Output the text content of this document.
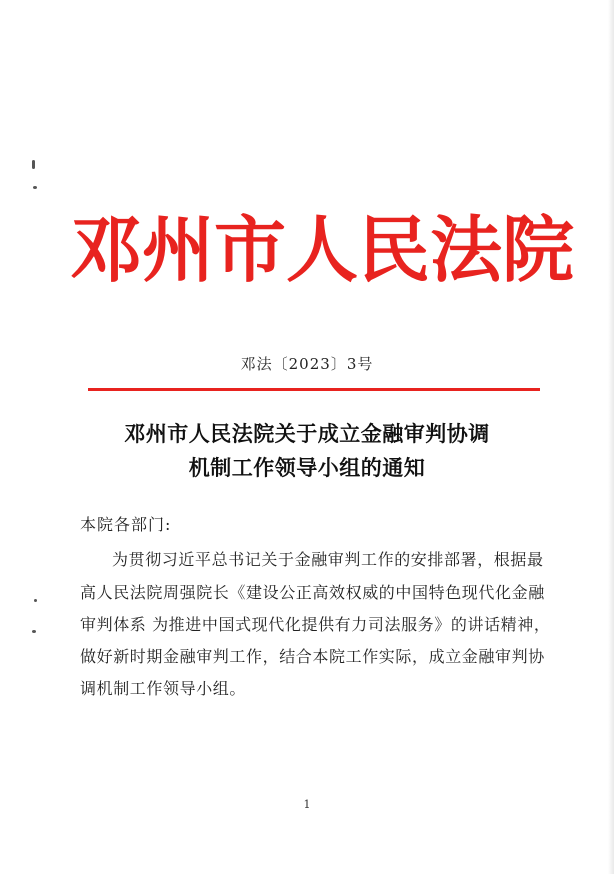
邓州市人民法院
邓法〔2023〕3号
邓州市人民法院关于成立金融审判协调
机制工作领导小组的通知
本院各部门:
为贯彻习近平总书记关于金融审判工作的安排部署，根据最
高人民法院周强院长《建设公正高效权威的中国特色现代化金融
审判体系 为推进中国式现代化提供有力司法服务》的讲话精神，
做好新时期金融审判工作，结合本院工作实际，成立金融审判协
调机制工作领导小组。
1
